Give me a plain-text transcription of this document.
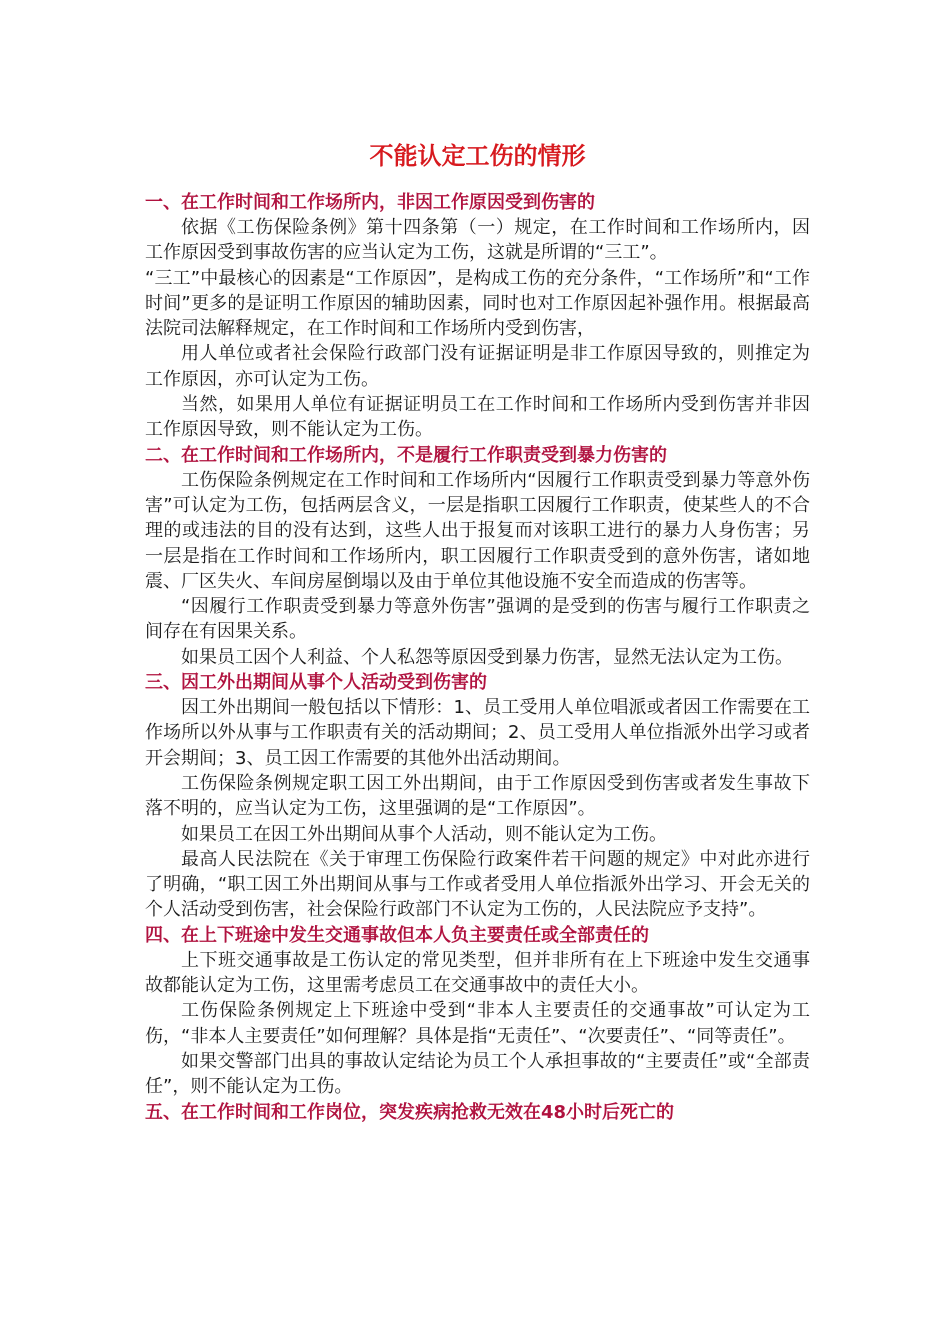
不能认定工伤的情形
一、在工作时间和工作场所内，非因工作原因受到伤害的

依据《工伤保险条例》第十四条第（一）规定，在工作时间和工作场所内，因工作原因受到事故伤害的应当认定为工伤，这就是所谓的“三工”。

“三工”中最核心的因素是“工作原因”，是构成工伤的充分条件，“工作场所”和“工作时间”更多的是证明工作原因的辅助因素，同时也对工作原因起补强作用。根据最高法院司法解释规定，在工作时间和工作场所内受到伤害，

用人单位或者社会保险行政部门没有证据证明是非工作原因导致的，则推定为工作原因，亦可认定为工伤。

当然，如果用人单位有证据证明员工在工作时间和工作场所内受到伤害并非因工作原因导致，则不能认定为工伤。

二、在工作时间和工作场所内，不是履行工作职责受到暴力伤害的

工伤保险条例规定在工作时间和工作场所内“因履行工作职责受到暴力等意外伤害”可认定为工伤，包括两层含义，一层是指职工因履行工作职责，使某些人的不合理的或违法的目的没有达到，这些人出于报复而对该职工进行的暴力人身伤害；另一层是指在工作时间和工作场所内，职工因履行工作职责受到的意外伤害，诸如地震、厂区失火、车间房屋倒塌以及由于单位其他设施不安全而造成的伤害等。

“因履行工作职责受到暴力等意外伤害”强调的是受到的伤害与履行工作职责之间存在有因果关系。

如果员工因个人利益、个人私怨等原因受到暴力伤害，显然无法认定为工伤。

三、因工外出期间从事个人活动受到伤害的

因工外出期间一般包括以下情形：1、员工受用人单位唱派或者因工作需要在工作场所以外从事与工作职责有关的活动期间；2、员工受用人单位指派外出学习或者开会期间；3、员工因工作需要的其他外出活动期间。

工伤保险条例规定职工因工外出期间，由于工作原因受到伤害或者发生事故下落不明的，应当认定为工伤，这里强调的是“工作原因”。

如果员工在因工外出期间从事个人活动，则不能认定为工伤。

最高人民法院在《关于审理工伤保险行政案件若干问题的规定》中对此亦进行了明确，“职工因工外出期间从事与工作或者受用人单位指派外出学习、开会无关的个人活动受到伤害，社会保险行政部门不认定为工伤的，人民法院应予支持”。

四、在上下班途中发生交通事故但本人负主要责任或全部责任的

上下班交通事故是工伤认定的常见类型，但并非所有在上下班途中发生交通事故都能认定为工伤，这里需考虑员工在交通事故中的责任大小。

工伤保险条例规定上下班途中受到“非本人主要责任的交通事故”可认定为工伤，“非本人主要责任”如何理解？具体是指“无责任”、“次要责任”、“同等责任”。

如果交警部门出具的事故认定结论为员工个人承担事故的“主要责任”或“全部责任”，则不能认定为工伤。

五、在工作时间和工作岗位，突发疾病抢救无效在48小时后死亡的
